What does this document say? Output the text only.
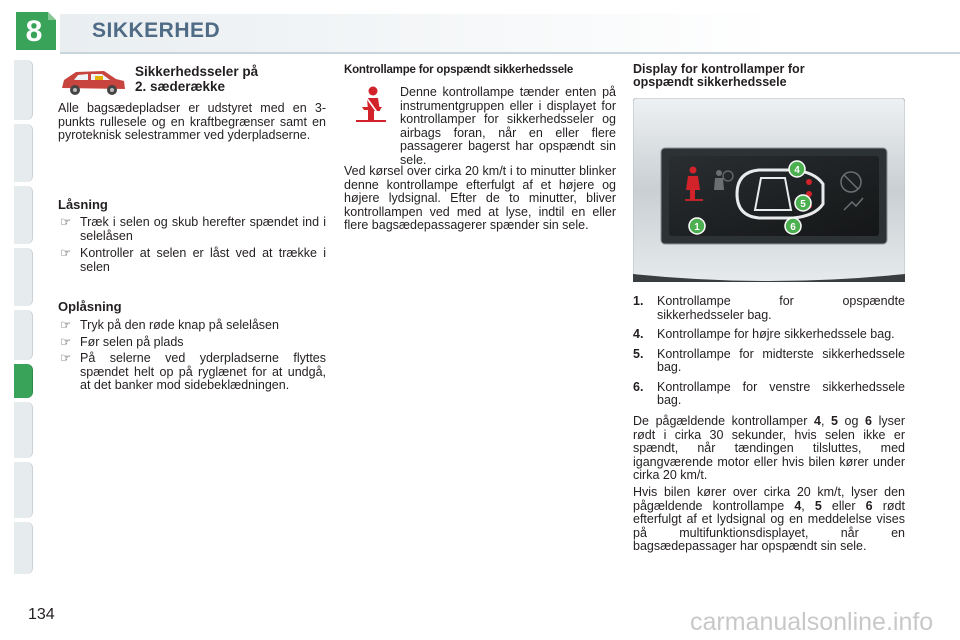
8 SIKKERHED
Sikkerhedsseler på
2. sæderække
Alle bagsædepladser er udstyret med en 3-punkts rullesele og en kraftbegrænser samt en pyroteknisk selestrammer ved yderpladserne.
Låsning
☞ Træk i selen og skub herefter spændet ind i selelåsen
☞ Kontroller at selen er låst ved at trække i selen
Oplåsning
☞ Tryk på den røde knap på selelåsen
☞ Før selen på plads
☞ På selerne ved yderpladserne flyttes spændet helt op på ryglænet for at undgå, at det banker mod sidebeklædningen.
Kontrollampe for opspændt sikkerhedsselе
Denne kontrollampe tænder enten på instrumentgruppen eller i displayet for kontrollamper for sikkerhedsseler og airbags foran, når en eller flere passagerer bagerst har opspændt sin sele.
Ved kørsel over cirka 20 km/t i to minutter blinker denne kontrollampe efterfulgt af et højere og højere lydsignal. Efter de to minutter, bliver kontrollampen ved med at lyse, indtil en eller flere bagsædepassagerer spænder sin sele.
Display for kontrollamper for
opspændt sikkerhedsselе
4
5
1	6
1. Kontrollampe for opspændte sikkerhedsseler bag.
4. Kontrollampe for højre sikkerhedssele bag.
5. Kontrollampe for midterste sikkerhedssele bag.
6. Kontrollampe for venstre sikkerhedssele bag.
De pågældende kontrollamper 4, 5 og 6 lyser rødt i cirka 30 sekunder, hvis selen ikke er spændt, når tændingen tilsluttes, med igangværende motor eller hvis bilen kører under cirka 20 km/t.
Hvis bilen kører over cirka 20 km/t, lyser den pågældende kontrollampe 4, 5 eller 6 rødt efterfulgt af et lydsignal og en meddelelse vises på multifunktionsdisplayet, når en bagsædepassager har opspændt sin sele.
134	carmanualsonline.info
